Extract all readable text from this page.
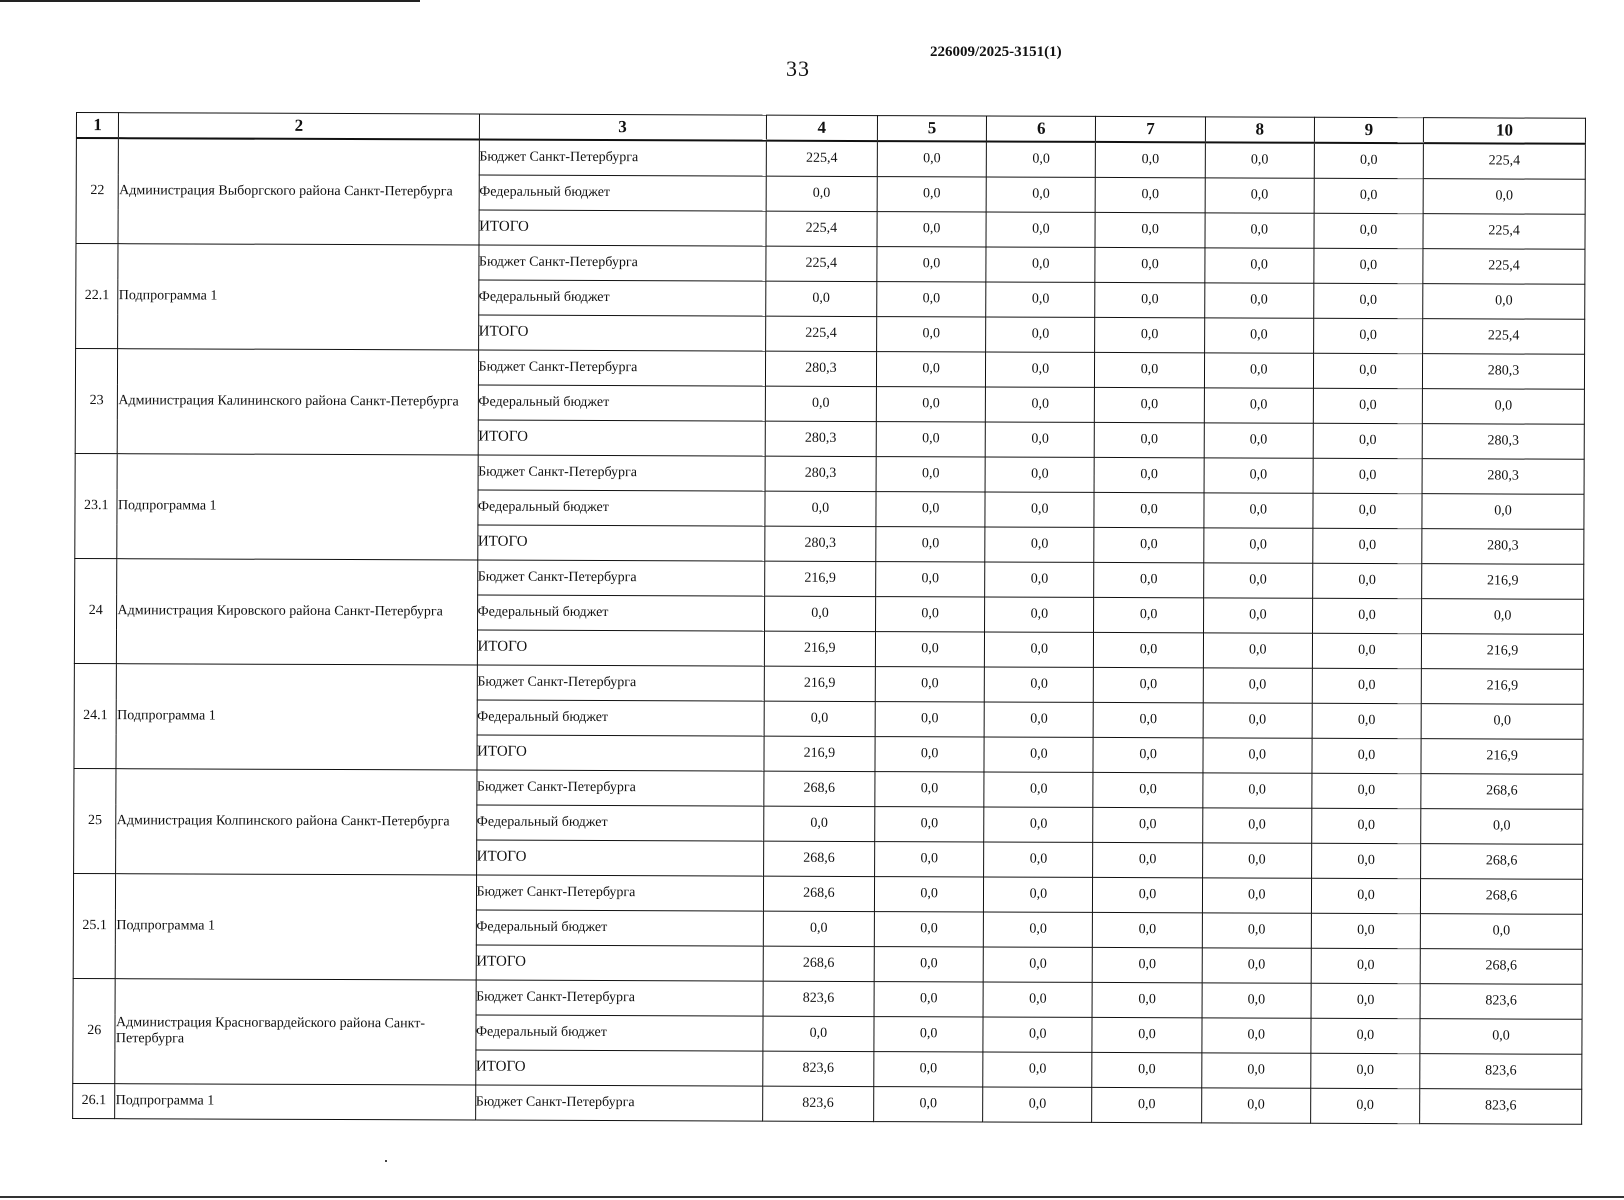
33
226009/2025-3151(1)
1	2	3	4	5	6	7	8	9	10
22	Администрация Выборгского района Санкт-Петербурга	Бюджет Санкт-Петербурга	225,4	0,0	0,0	0,0	0,0	0,0	225,4
		Федеральный бюджет	0,0	0,0	0,0	0,0	0,0	0,0	0,0
		ИТОГО	225,4	0,0	0,0	0,0	0,0	0,0	225,4
22.1	Подпрограмма 1	Бюджет Санкт-Петербурга	225,4	0,0	0,0	0,0	0,0	0,0	225,4
		Федеральный бюджет	0,0	0,0	0,0	0,0	0,0	0,0	0,0
		ИТОГО	225,4	0,0	0,0	0,0	0,0	0,0	225,4
23	Администрация Калининского района Санкт-Петербурга	Бюджет Санкт-Петербурга	280,3	0,0	0,0	0,0	0,0	0,0	280,3
		Федеральный бюджет	0,0	0,0	0,0	0,0	0,0	0,0	0,0
		ИТОГО	280,3	0,0	0,0	0,0	0,0	0,0	280,3
23.1	Подпрограмма 1	Бюджет Санкт-Петербурга	280,3	0,0	0,0	0,0	0,0	0,0	280,3
		Федеральный бюджет	0,0	0,0	0,0	0,0	0,0	0,0	0,0
		ИТОГО	280,3	0,0	0,0	0,0	0,0	0,0	280,3
24	Администрация Кировского района Санкт-Петербурга	Бюджет Санкт-Петербурга	216,9	0,0	0,0	0,0	0,0	0,0	216,9
		Федеральный бюджет	0,0	0,0	0,0	0,0	0,0	0,0	0,0
		ИТОГО	216,9	0,0	0,0	0,0	0,0	0,0	216,9
24.1	Подпрограмма 1	Бюджет Санкт-Петербурга	216,9	0,0	0,0	0,0	0,0	0,0	216,9
		Федеральный бюджет	0,0	0,0	0,0	0,0	0,0	0,0	0,0
		ИТОГО	216,9	0,0	0,0	0,0	0,0	0,0	216,9
25	Администрация Колпинского района Санкт-Петербурга	Бюджет Санкт-Петербурга	268,6	0,0	0,0	0,0	0,0	0,0	268,6
		Федеральный бюджет	0,0	0,0	0,0	0,0	0,0	0,0	0,0
		ИТОГО	268,6	0,0	0,0	0,0	0,0	0,0	268,6
25.1	Подпрограмма 1	Бюджет Санкт-Петербурга	268,6	0,0	0,0	0,0	0,0	0,0	268,6
		Федеральный бюджет	0,0	0,0	0,0	0,0	0,0	0,0	0,0
		ИТОГО	268,6	0,0	0,0	0,0	0,0	0,0	268,6
26	Администрация Красногвардейского района Санкт-Петербурга	Бюджет Санкт-Петербурга	823,6	0,0	0,0	0,0	0,0	0,0	823,6
		Федеральный бюджет	0,0	0,0	0,0	0,0	0,0	0,0	0,0
		ИТОГО	823,6	0,0	0,0	0,0	0,0	0,0	823,6
26.1	Подпрограмма 1	Бюджет Санкт-Петербурга	823,6	0,0	0,0	0,0	0,0	0,0	823,6
